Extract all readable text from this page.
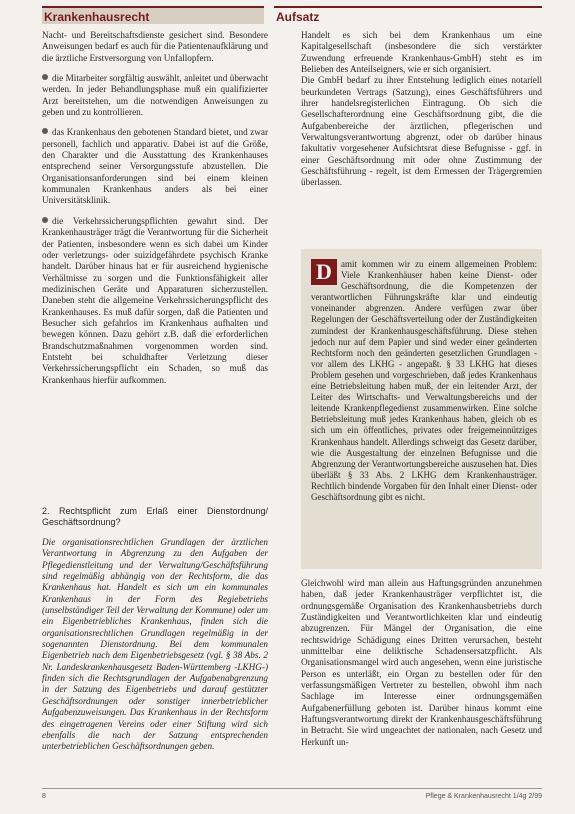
Krankenhausrecht	Aufsatz

Nacht- und Bereitschaftsdienste gesichert sind. Besondere Anweisungen bedarf es auch für die Patientenaufklärung und die ärztliche Erstversorgung von Unfallopfern.

die Mitarbeiter sorgfältig auswählt, anleitet und überwacht werden. In jeder Behandlungsphase muß ein qualifizierter Arzt bereitstehen, um die notwendigen Anweisungen zu geben und zu kontrollieren.

das Krankenhaus den gebotenen Standard bietet, und zwar personell, fachlich und apparativ. Dabei ist auf die Größe, den Charakter und die Ausstattung des Krankenhauses entsprechend seiner Versorgungsstufe abzustellen. Die Organisationsanforderungen sind bei einem kleinen kommunalen Krankenhaus anders als bei einer Universitätsklinik.

die Verkehrssicherungspflichten gewahrt sind. Der Krankenhausträger trägt die Verantwortung für die Sicherheit der Patienten, insbesondere wenn es sich dabei um Kinder oder verletzungs- oder suizidgefährdete psychisch Kranke handelt. Darüber hinaus hat er für ausreichend hygienische Verhältnisse zu sorgen und die Funktionsfähigkeit aller medizinischen Geräte und Apparaturen sicherzustellen. Daneben steht die allgemeine Verkehrssicherungspflicht des Krankenhauses. Es muß dafür sorgen, daß die Patienten und Besucher sich gefahrlos im Krankenhaus aufhalten und bewegen können. Dazu gehört z.B. daß die erforderlichen Brandschutzmaßnahmen vorgenommen worden sind. Entsteht bei schuldhafter Verletzung dieser Verkehrssicherungspflicht ein Schaden, so muß das Krankenhaus hierfür aufkommen.

2. Rechtspflicht zum Erlaß einer Dienstordnung/ Geschäftsordnung?

Die organisationsrechtlichen Grundlagen der ärztlichen Verantwortung in Abgrenzung zu den Aufgaben der Pflegedienstleitung und der Verwaltung/Geschäftsführung sind regelmäßig abhängig von der Rechtsform, die das Krankenhaus hat. Handelt es sich um ein kommunales Krankenhaus in der Form des Regiebetriebs (unselbständiger Teil der Verwaltung der Kommune) oder um ein Eigenbetriebliches Krankenhaus, finden sich die organisationsrechtlichen Grundlagen regelmäßig in der sogenannten Dienstordnung. Bei dem kommunalen Eigenbetrieb nach dem Eigenbetriebsgesetz (vgl. § 38 Abs. 2 Nr. Landeskrankenhausgesetz Baden-Württemberg -LKHG-) finden sich die Rechtsgrundlagen der Aufgabenabgrenzung in der Satzung des Eigenbetriebs und darauf gestützter Geschäftsordnungen oder sonstiger innerbetrieblicher Aufgabenzuweisungen. Das Krankenhaus in der Rechtsform des eingetragenen Vereins oder einer Stiftung wird sich ebenfalls die nach der Satzung entsprechenden unterbetrieblichen Geschäftsordnungen geben.

Handelt es sich bei dem Krankenhaus um eine Kapitalgesellschaft (insbesondere die sich verstärkter Zuwendung erfreuende Krankenhaus-GmbH) steht es im Belieben des Anteilseigners, wie er sich organisiert.

Die GmbH bedarf zu ihrer Entstehung lediglich eines notariell beurkundeten Vertrags (Satzung), eines Geschäftsführers und ihrer handelsregisterlichen Eintragung. Ob sich die Gesellschafterordnung eine Geschäftsordnung gibt, die die Aufgabenbereiche der ärztlichen, pflegerischen und Verwaltungsverantwortung abgrenzt, oder ob darüber hinaus fakultativ vorgesehener Aufsichtsrat diese Befugnisse - ggf. in einer Geschäftsordnung mit oder ohne Zustimmung der Geschäftsführung - regelt, ist dem Ermessen der Trägergremien überlassen.

D	amit kommen wir zu einem allgemeinen Problem: Viele Krankenhäuser haben keine Dienst- oder Geschäftsordnung, die die Kompetenzen der verantwortlichen Führungskräfte klar und eindeutig voneinander abgrenzen. Andere verfügen zwar über Regelungen der Geschäftsverteilung oder der Zuständigkeiten zumindest der Krankenhausgeschäftsführung. Diese stehen jedoch nur auf dem Papier und sind weder einer geänderten Rechtsform noch den geänderten gesetzlichen Grundlagen - vor allem des LKHG - angepaßt. § 33 LKHG hat dieses Problem gesehen und vorgeschrieben, daß jedes Krankenhaus eine Betriebsleitung haben muß, der ein leitender Arzt, der Leiter des Wirtschafts- und Verwaltungsbereichs und der leitende Krankenpflegedienst zusammenwirken. Eine solche Betriebsleitung muß jedes Krankenhaus haben, gleich ob es sich um ein öffentliches, privates oder freigemeinnütziges Krankenhaus handelt. Allerdings schweigt das Gesetz darüber, wie die Ausgestaltung der einzelnen Befugnisse und die Abgrenzung der Verantwortungsbereiche auszusehen hat. Dies überläßt § 33 Abs. 2 LKHG dem Krankenhausträger. Rechtlich bindende Vorgaben für den Inhalt einer Dienst- oder Geschäftsordnung gibt es nicht.

Gleichwohl wird man allein aus Haftungsgründen anzunehmen haben, daß jeder Krankenhausträger verpflichtet ist, die ordnungsgemäße Organisation des Krankenhausbetriebs durch Zuständigkeiten und Verantwortlichkeiten klar und eindeutig abzugrenzen. Für Mängel der Organisation, die eine rechtswidrige Schädigung eines Dritten verursachen, besteht unmittelbar eine deliktische Schadensersatzpflicht. Als Organisationsmangel wird auch angesehen, wenn eine juristische Person es unterläßt, ein Organ zu bestellen oder für den verfassungsmäßigen Vertreter zu bestellen, obwohl ihm nach Sachlage im Interesse einer ordnungsgemäßen Aufgabenerfüllung geboten ist. Darüber hinaus kommt eine Haftungsverantwortung direkt der Krankenhausgeschäftsführung in Betracht. Sie wird ungeachtet der nationalen, nach Gesetz und Herkunft un-

8	Pflege & Krankenhausrecht 1/4g 2/99
